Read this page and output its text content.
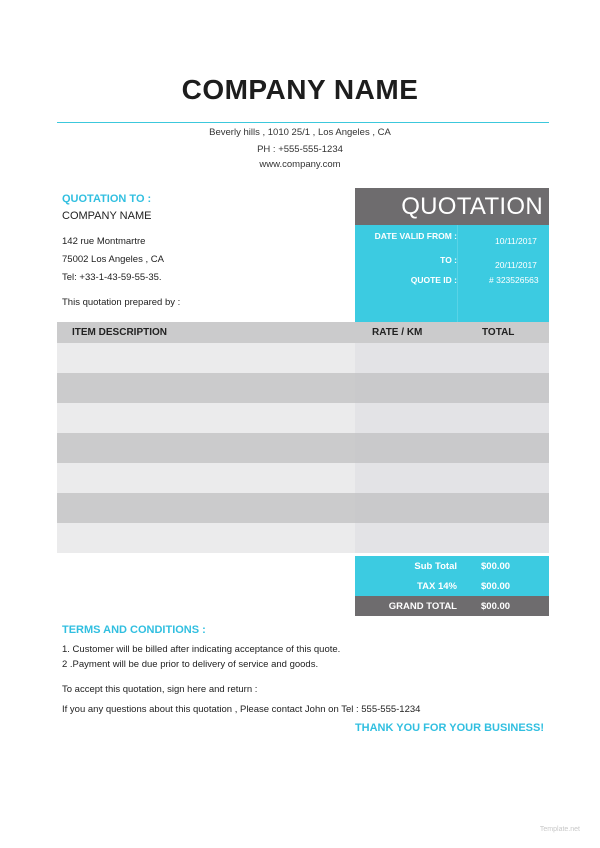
COMPANY NAME
Beverly hills , 1010 25/1 , Los Angeles , CA
PH : +555-555-1234
www.company.com
QUOTATION TO :
COMPANY NAME
142 rue Montmartre
75002 Los Angeles , CA
Tel: +33-1-43-59-55-35.
This quotation prepared by :
QUOTATION
DATE VALID FROM :	10/11/2017
TO :	20/11/2017
QUOTE ID :	# 323526563
ITEM DESCRIPTION	RATE / KM	TOTAL
Sub Total	$00.00
TAX 14%	$00.00
GRAND TOTAL	$00.00
TERMS AND CONDITIONS :
1. Customer will be billed after indicating acceptance of this quote.
2 .Payment will be due prior to delivery of service and goods.
To accept this quotation, sign here and return :
If you any questions about this quotation , Please contact John on Tel : 555-555-1234
THANK YOU FOR YOUR BUSINESS!
Template.net
